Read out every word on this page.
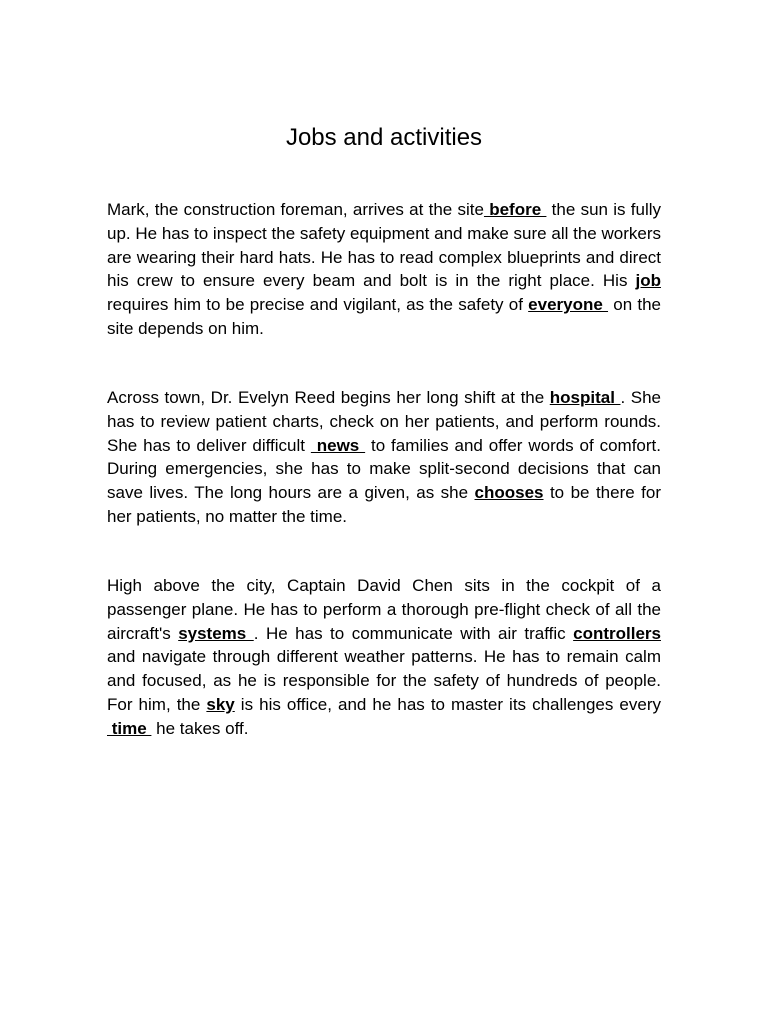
Jobs and activities

Mark, the construction foreman, arrives at the site before  the sun is fully up. He has to inspect the safety equipment and make sure all the workers are wearing their hard hats. He has to read complex blueprints and direct his crew to ensure every beam and bolt is in the right place. His job requires him to be precise and vigilant, as the safety of everyone  on the site depends on him.

Across town, Dr. Evelyn Reed begins her long shift at the hospital . She has to review patient charts, check on her patients, and perform rounds. She has to deliver difficult  news  to families and offer words of comfort. During emergencies, she has to make split-second decisions that can save lives. The long hours are a given, as she chooses to be there for her patients, no matter the time.

High above the city, Captain David Chen sits in the cockpit of a passenger plane. He has to perform a thorough pre-flight check of all the aircraft's systems . He has to communicate with air traffic controllers and navigate through different weather patterns. He has to remain calm and focused, as he is responsible for the safety of hundreds of people. For him, the sky is his office, and he has to master its challenges every  time  he takes off.
